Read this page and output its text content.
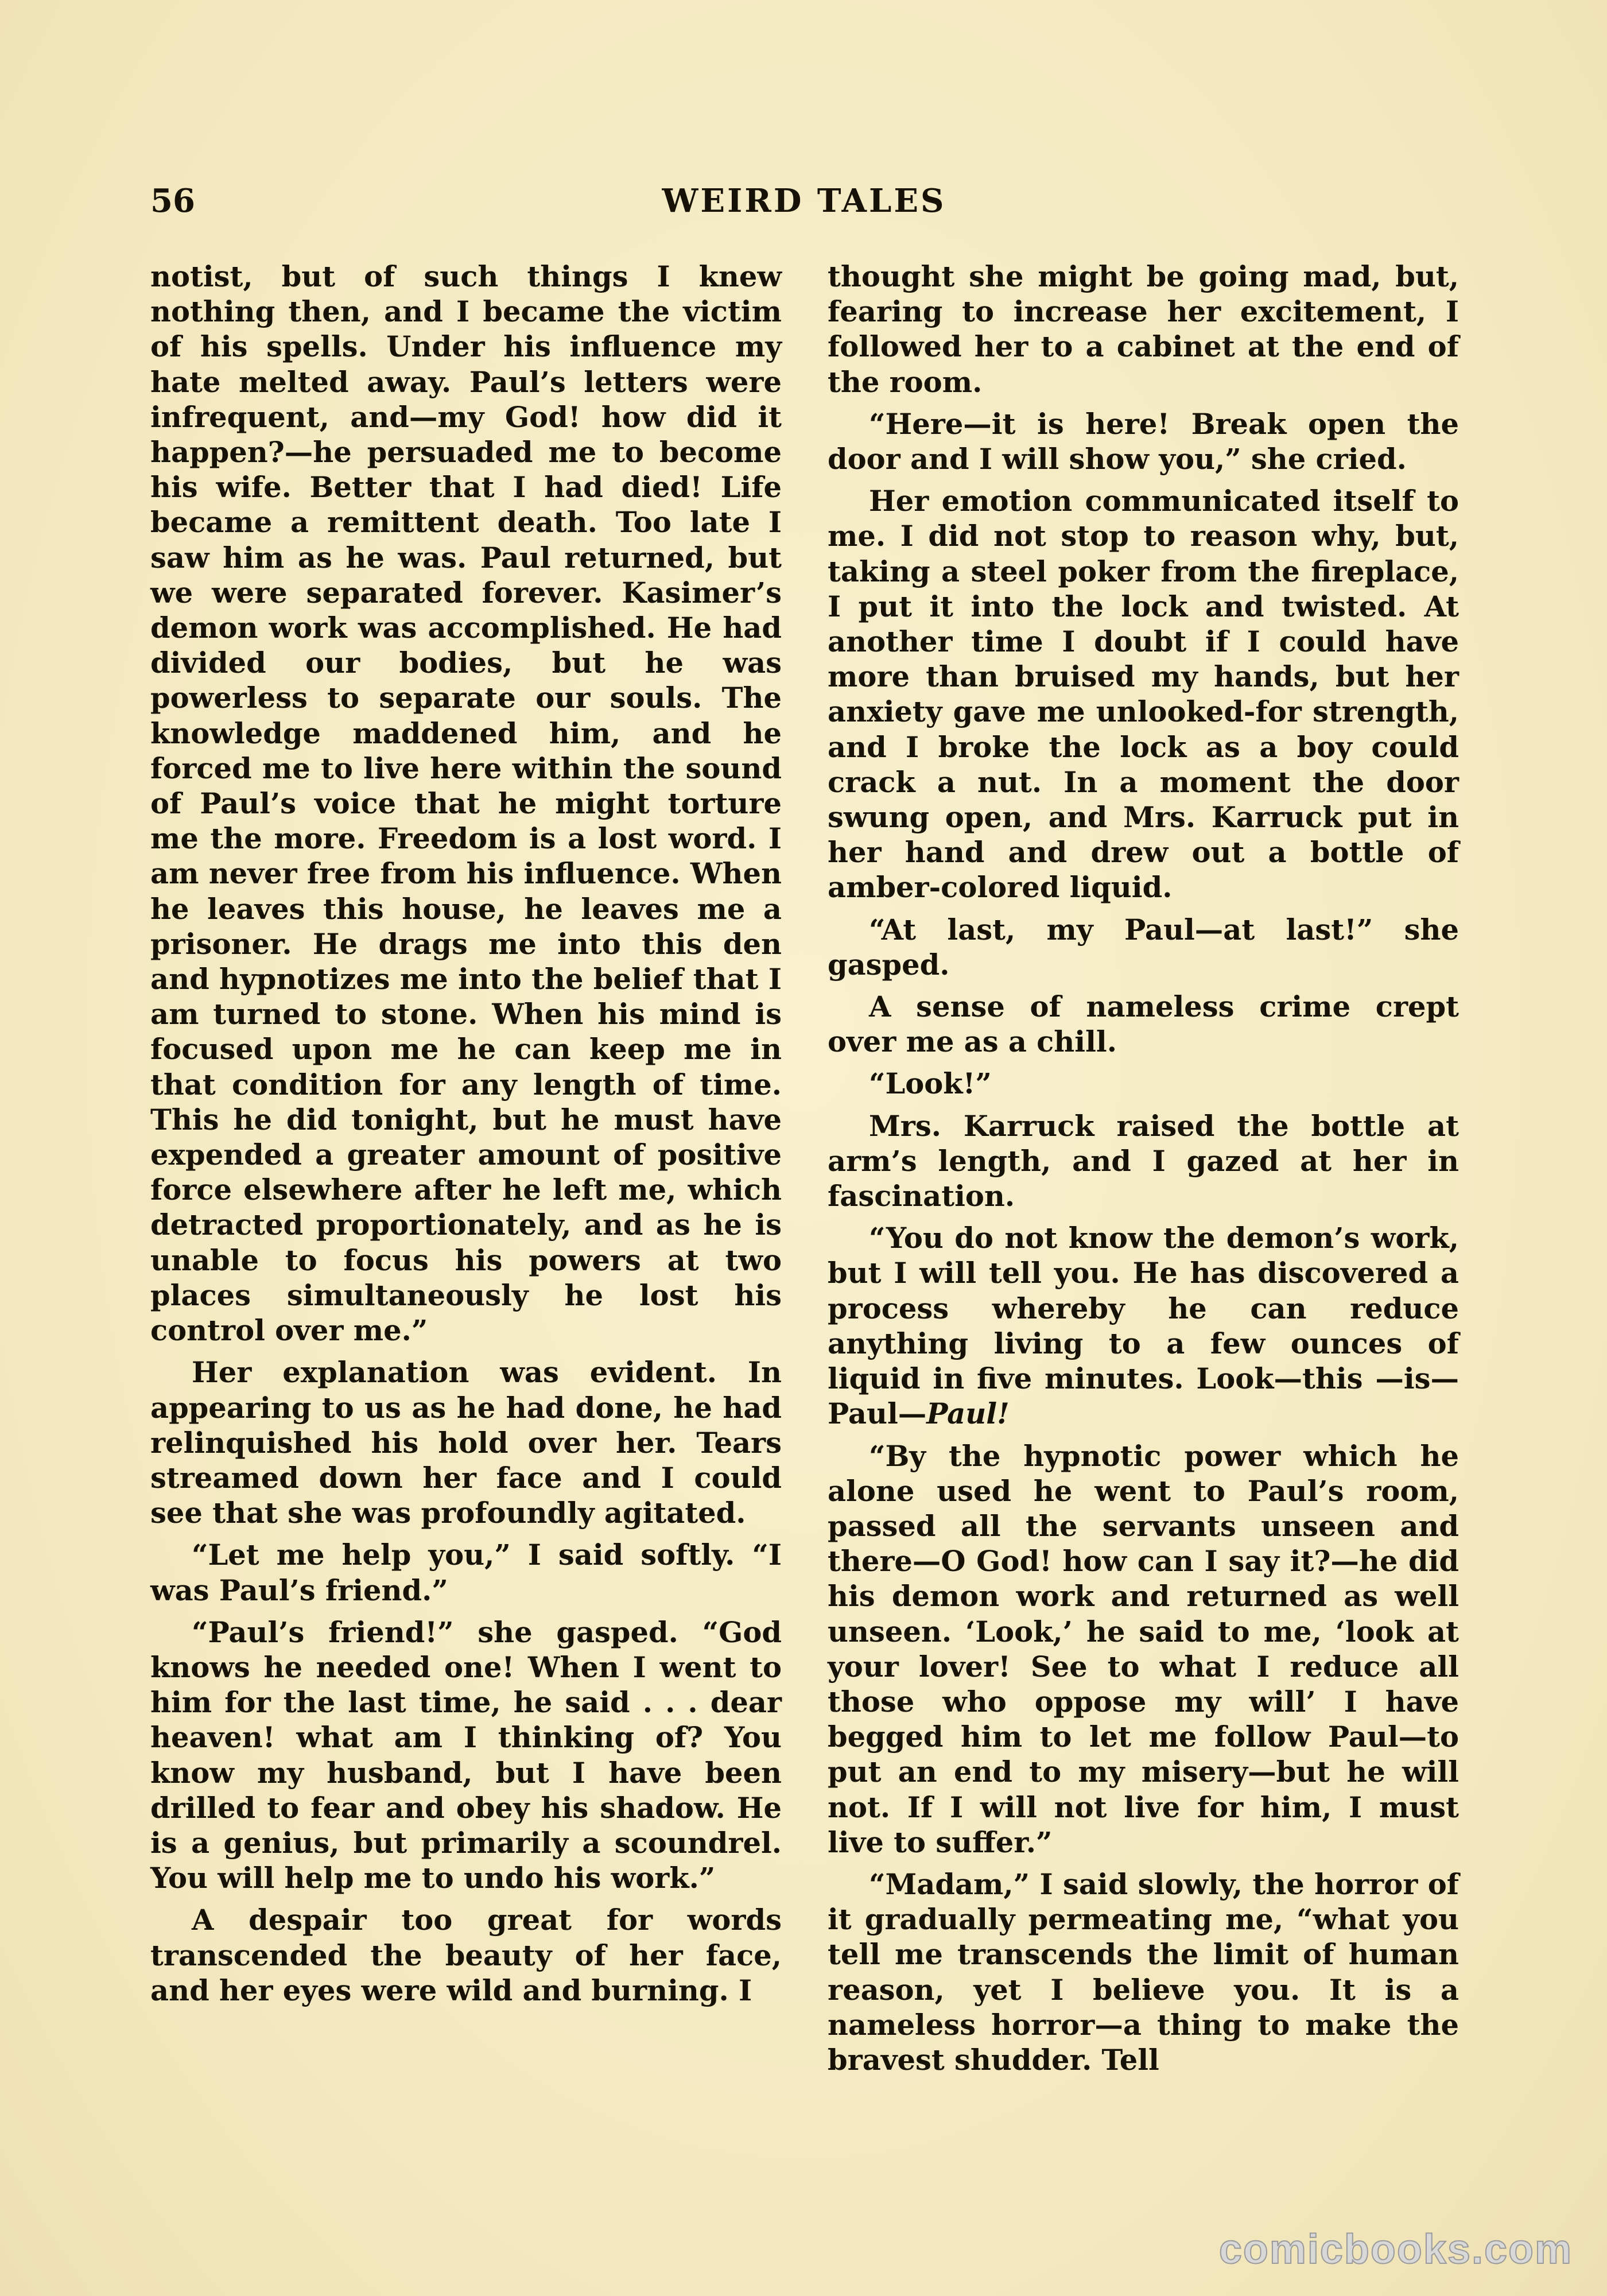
56	WEIRD TALES

notist, but of such things I knew nothing then, and I became the victim of his spells. Under his influence my hate melted away. Paul’s letters were infrequent, and—my God! how did it happen?—he persuaded me to become his wife. Better that I had died! Life became a remittent death. Too late I saw him as he was. Paul returned, but we were separated forever. Kasimer’s demon work was accomplished. He had divided our bodies, but he was powerless to separate our souls. The knowledge maddened him, and he forced me to live here within the sound of Paul’s voice that he might torture me the more. Freedom is a lost word. I am never free from his influence. When he leaves this house, he leaves me a prisoner. He drags me into this den and hypnotizes me into the belief that I am turned to stone. When his mind is focused upon me he can keep me in that condition for any length of time. This he did tonight, but he must have expended a greater amount of positive force elsewhere after he left me, which detracted proportionately, and as he is unable to focus his powers at two places simultaneously he lost his control over me.”

Her explanation was evident. In appearing to us as he had done, he had relinquished his hold over her. Tears streamed down her face and I could see that she was profoundly agitated.

“Let me help you,” I said softly. “I was Paul’s friend.”

“Paul’s friend!” she gasped. “God knows he needed one! When I went to him for the last time, he said . . . dear heaven! what am I thinking of? You know my husband, but I have been drilled to fear and obey his shadow. He is a genius, but primarily a scoundrel. You will help me to undo his work.”

A despair too great for words transcended the beauty of her face, and her eyes were wild and burning. I

thought she might be going mad, but, fearing to increase her excitement, I followed her to a cabinet at the end of the room.

“Here—it is here! Break open the door and I will show you,” she cried.

Her emotion communicated itself to me. I did not stop to reason why, but, taking a steel poker from the fireplace, I put it into the lock and twisted. At another time I doubt if I could have more than bruised my hands, but her anxiety gave me unlooked-for strength, and I broke the lock as a boy could crack a nut. In a moment the door swung open, and Mrs. Karruck put in her hand and drew out a bottle of amber-colored liquid.

“At last, my Paul—at last!” she gasped.

A sense of nameless crime crept over me as a chill.

“Look!”

Mrs. Karruck raised the bottle at arm’s length, and I gazed at her in fascination.

“You do not know the demon’s work, but I will tell you. He has discovered a process whereby he can reduce anything living to a few ounces of liquid in five minutes. Look—this —is—Paul—Paul!

“By the hypnotic power which he alone used he went to Paul’s room, passed all the servants unseen and there—O God! how can I say it?—he did his demon work and returned as well unseen. ‘Look,’ he said to me, ‘look at your lover! See to what I reduce all those who oppose my will’ I have begged him to let me follow Paul—to put an end to my misery—but he will not. If I will not live for him, I must live to suffer.”

“Madam,” I said slowly, the horror of it gradually permeating me, “what you tell me transcends the limit of human reason, yet I believe you. It is a nameless horror—a thing to make the bravest shudder. Tell

comicbooks.com
